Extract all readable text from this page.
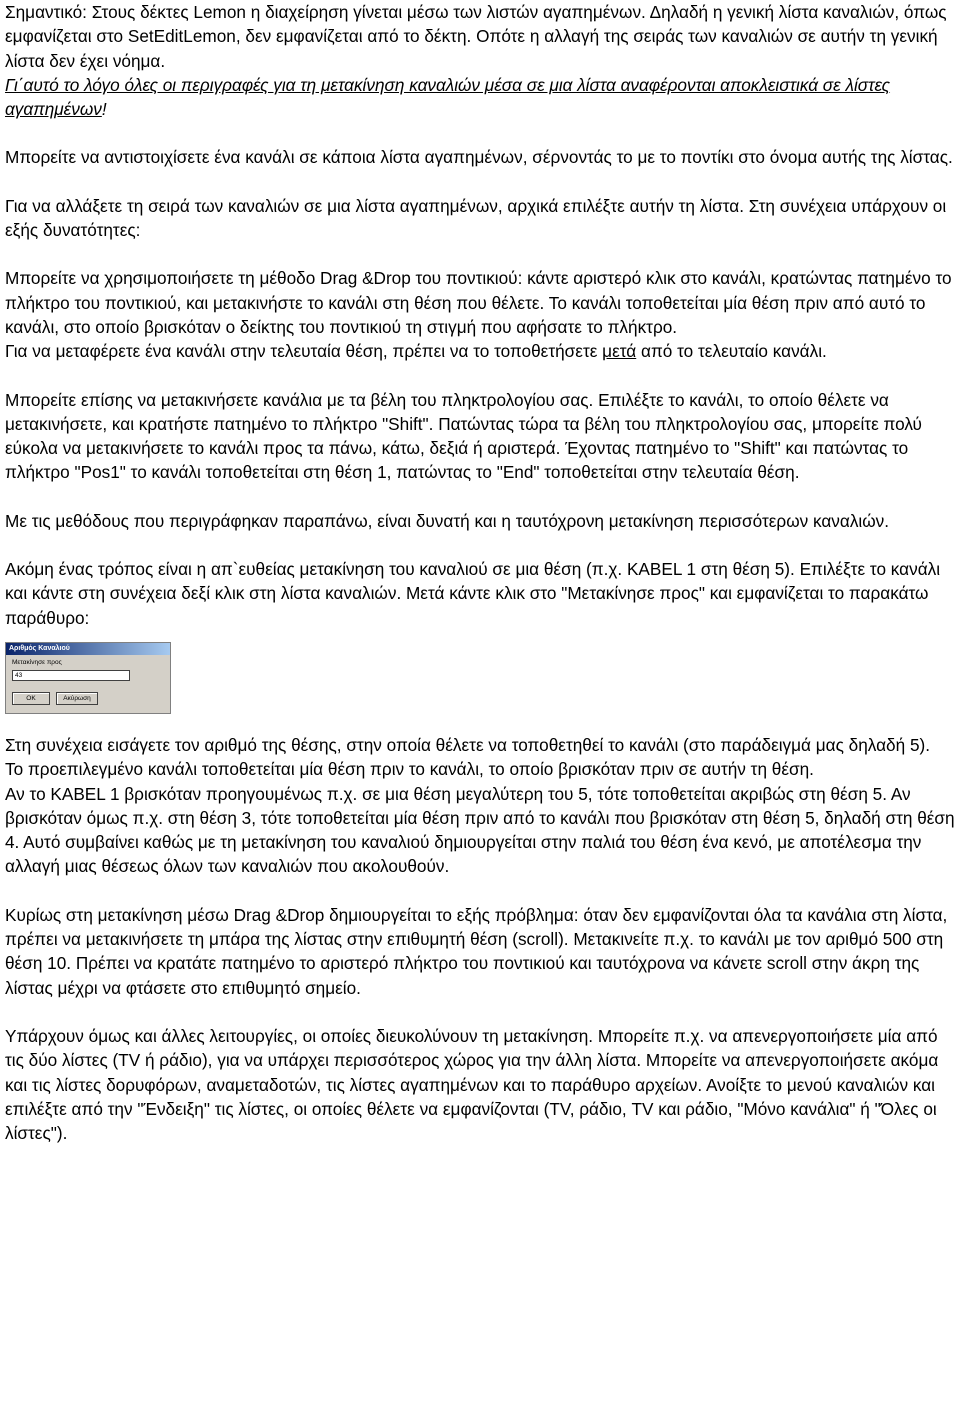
Σημαντικό: Στους δέκτες Lemon η διαχείρηση γίνεται μέσω των λιστών αγαπημένων. Δηλαδή η γενική λίστα καναλιών, όπως εμφανίζεται στο SetEditLemon, δεν εμφανίζεται από το δέκτη. Οπότε η αλλαγή της σειράς των καναλιών σε αυτήν τη γενική λίστα δεν έχει νόημα.

Γι΄αυτό το λόγο όλες οι περιγραφές για τη μετακίνηση καναλιών μέσα σε μια λίστα αναφέρονται αποκλειστικά σε λίστες αγαπημένων!

Μπορείτε να αντιστοιχίσετε ένα κανάλι σε κάποια λίστα αγαπημένων, σέρνοντάς το με το ποντίκι στο όνομα αυτής της λίστας.

Για να αλλάξετε τη σειρά των καναλιών σε μια λίστα αγαπημένων, αρχικά επιλέξτε αυτήν τη λίστα. Στη συνέχεια υπάρχουν οι εξής δυνατότητες:

Μπορείτε να χρησιμοποιήσετε τη μέθοδο Drag &Drop του ποντικιού: κάντε αριστερό κλικ στο κανάλι, κρατώντας πατημένο το πλήκτρο του ποντικιού, και μετακινήστε το κανάλι στη θέση που θέλετε. Το κανάλι τοποθετείται μία θέση πριν από αυτό το κανάλι, στο οποίο βρισκόταν ο δείκτης του ποντικιού τη στιγμή που αφήσατε το πλήκτρο.

Για να μεταφέρετε ένα κανάλι στην τελευταία θέση, πρέπει να το τοποθετήσετε μετά από το τελευταίο κανάλι.

Μπορείτε επίσης να μετακινήσετε κανάλια με τα βέλη του πληκτρολογίου σας. Επιλέξτε το κανάλι, το οποίο θέλετε να μετακινήσετε, και κρατήστε πατημένο το πλήκτρο "Shift". Πατώντας τώρα τα βέλη του πληκτρολογίου σας, μπορείτε πολύ εύκολα να μετακινήσετε το κανάλι προς τα πάνω, κάτω, δεξιά ή αριστερά. Έχοντας πατημένο το "Shift" και πατώντας το πλήκτρο "Pos1" το κανάλι τοποθετείται στη θέση 1, πατώντας το "End" τοποθετείται στην τελευταία θέση.

Με τις μεθόδους που περιγράφηκαν παραπάνω, είναι δυνατή και η ταυτόχρονη μετακίνηση περισσότερων καναλιών.

Ακόμη ένας τρόπος είναι η απ`ευθείας μετακίνηση του καναλιού σε μια θέση (π.χ. KABEL 1 στη θέση 5). Επιλέξτε το κανάλι και κάντε στη συνέχεια δεξί κλικ στη λίστα καναλιών. Μετά κάντε κλικ στο "Μετακίνησε προς" και εμφανίζεται το παρακάτω παράθυρο:

Αριθμός Καναλιού
Μετακίνησε προς
43
OK	Ακύρωση

Στη συνέχεια εισάγετε τον αριθμό της θέσης, στην οποία θέλετε να τοποθετηθεί το κανάλι (στο παράδειγμά μας δηλαδή 5).

Το προεπιλεγμένο κανάλι τοποθετείται μία θέση πριν το κανάλι, το οποίο βρισκόταν πριν σε αυτήν τη θέση.

Αν το KABEL 1 βρισκόταν προηγουμένως π.χ. σε μια θέση μεγαλύτερη του 5, τότε τοποθετείται ακριβώς στη θέση 5. Αν βρισκόταν όμως π.χ. στη θέση 3, τότε τοποθετείται μία θέση πριν από το κανάλι που βρισκόταν στη θέση 5, δηλαδή στη θέση 4. Αυτό συμβαίνει καθώς με τη μετακίνηση του καναλιού δημιουργείται στην παλιά του θέση ένα κενό, με αποτέλεσμα την αλλαγή μιας θέσεως όλων των καναλιών που ακολουθούν.

Κυρίως στη μετακίνηση μέσω Drag &Drop δημιουργείται το εξής πρόβλημα: όταν δεν εμφανίζονται όλα τα κανάλια στη λίστα, πρέπει να μετακινήσετε τη μπάρα της λίστας στην επιθυμητή θέση (scroll). Μετακινείτε π.χ. το κανάλι με τον αριθμό 500 στη θέση 10. Πρέπει να κρατάτε πατημένο το αριστερό πλήκτρο του ποντικιού και ταυτόχρονα να κάνετε scroll στην άκρη της λίστας μέχρι να φτάσετε στο επιθυμητό σημείο.

Υπάρχουν όμως και άλλες λειτουργίες, οι οποίες διευκολύνουν τη μετακίνηση. Μπορείτε π.χ. να απενεργοποιήσετε μία από τις δύο λίστες (TV ή ράδιο), για να υπάρχει περισσότερος χώρος για την άλλη λίστα. Μπορείτε να απενεργοποιήσετε ακόμα και τις λίστες δορυφόρων, αναμεταδοτών, τις λίστες αγαπημένων και το παράθυρο αρχείων. Ανοίξτε το μενού καναλιών και επιλέξτε από την "Ένδειξη" τις λίστες, οι οποίες θέλετε να εμφανίζονται (TV, ράδιο, TV και ράδιο, "Μόνο κανάλια" ή "Όλες οι λίστες").
